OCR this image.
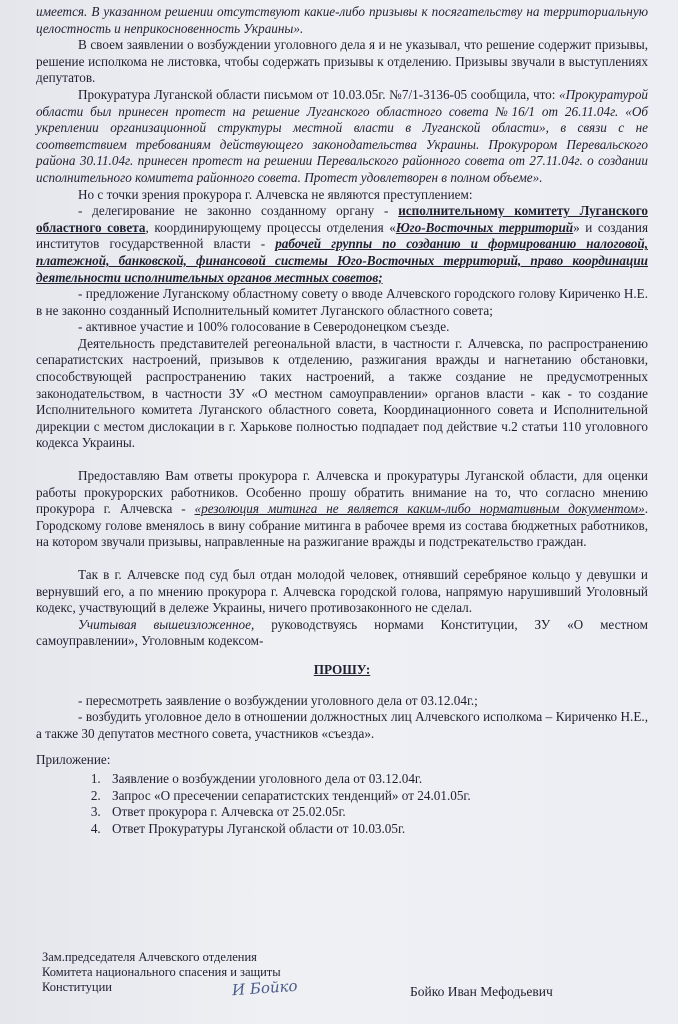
имеется. В указанном решении отсутствуют какие-либо призывы к посягательству на территориальную целостность и неприкосновенность Украины».

В своем заявлении о возбуждении уголовного дела я и не указывал, что решение содержит призывы, решение исполкома не листовка, чтобы содержать призывы к отделению. Призывы звучали в выступлениях депутатов.

Прокуратура Луганской области письмом от 10.03.05г. №7/1-3136-05 сообщила, что: «Прокуратурой области был принесен протест на решение Луганского областного совета №16/1 от 26.11.04г. «Об укреплении организационной структуры местной власти в Луганской области», в связи с не соответствием требованиям действующего законодательства Украины. Прокурором Перевальского района 30.11.04г. принесен протест на решении Перевальского районного совета от 27.11.04г. о создании исполнительного комитета районного совета. Протест удовлетворен в полном объеме».

Но с точки зрения прокурора г. Алчевска не являются преступлением:

- делегирование не законно созданному органу - исполнительному комитету Луганского областного совета, координирующему процессы отделения «Юго-Восточных территорий» и создания институтов государственной власти - рабочей группы по созданию и формированию налоговой, платежной, банковской, финансовой системы Юго-Восточных территорий, право координации деятельности исполнительных органов местных советов;

- предложение Луганскому областному совету о вводе Алчевского городского голову Кириченко Н.Е. в не законно созданный Исполнительный комитет Луганского областного совета;

- активное участие и 100% голосование в Северодонецком съезде.

Деятельность представителей регеональной власти, в частности г. Алчевска, по распространению сепаратистских настроений, призывов к отделению, разжигания вражды и нагнетанию обстановки, способствующей распространению таких настроений, а также создание не предусмотренных законодательством, в частности ЗУ «О местном самоуправлении» органов власти - как - то создание Исполнительного комитета Луганского областного совета, Координационного совета и Исполнительной дирекции с местом дислокации в г. Харькове полностью подпадает под действие ч.2 статьи 110 уголовного кодекса Украины.

Предоставляю Вам ответы прокурора г. Алчевска и прокуратуры Луганской области, для оценки работы прокурорских работников. Особенно прошу обратить внимание на то, что согласно мнению прокурора г. Алчевска - «резолюция митинга не является каким-либо нормативным документом». Городскому голове вменялось в вину собрание митинга в рабочее время из состава бюджетных работников, на котором звучали призывы, направленные на разжигание вражды и подстрекательство граждан.

Так в г. Алчевске под суд был отдан молодой человек, отнявший серебряное кольцо у девушки и вернувший его, а по мнению прокурора г. Алчевска городской голова, напрямую нарушивший Уголовный кодекс, участвующий в дележе Украины, ничего противозаконного не сделал.

Учитывая вышеизложенное, руководствуясь нормами Конституции, ЗУ «О местном самоуправлении», Уголовным кодексом-

ПРОШУ:

- пересмотреть заявление о возбуждении уголовного дела от 03.12.04г.;

- возбудить уголовное дело в отношении должностных лиц Алчевского исполкома – Кириченко Н.Е., а также 30 депутатов местного совета, участников «съезда».

Приложение:

1. Заявление о возбуждении уголовного дела от 03.12.04г.
2. Запрос «О пресечении сепаратистских тенденций» от 24.01.05г.
3. Ответ прокурора г. Алчевска от 25.02.05г.
4. Ответ Прокуратуры Луганской области от 10.03.05г.
Зам.председателя Алчевского отделения
Комитета национального спасения и защиты
Конституции	И Бойко	Бойко Иван Мефодьевич
